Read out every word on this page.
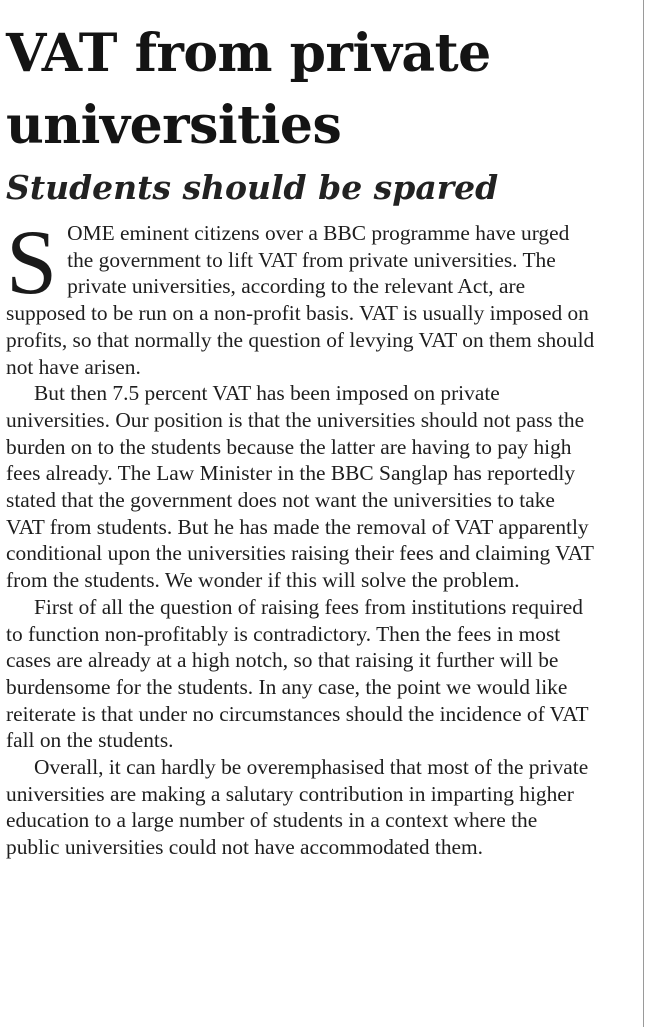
VAT from private universities
Students should be spared

SOME eminent citizens over a BBC programme have urged the government to lift VAT from private universities. The private universities, according to the relevant Act, are supposed to be run on a non-profit basis. VAT is usually imposed on profits, so that normally the question of levying VAT on them should not have arisen.

But then 7.5 percent VAT has been imposed on private universities. Our position is that the universities should not pass the burden on to the students because the latter are having to pay high fees already. The Law Minister in the BBC Sanglap has reportedly stated that the government does not want the universities to take VAT from students. But he has made the removal of VAT apparently conditional upon the universities raising their fees and claiming VAT from the students. We wonder if this will solve the problem.

First of all the question of raising fees from institutions required to function non-profitably is contradictory. Then the fees in most cases are already at a high notch, so that raising it further will be burdensome for the students. In any case, the point we would like reiterate is that under no circumstances should the incidence of VAT fall on the students.

Overall, it can hardly be overemphasised that most of the private universities are making a salutary contribution in imparting higher education to a large number of students in a context where the public universities could not have accommodated them.
